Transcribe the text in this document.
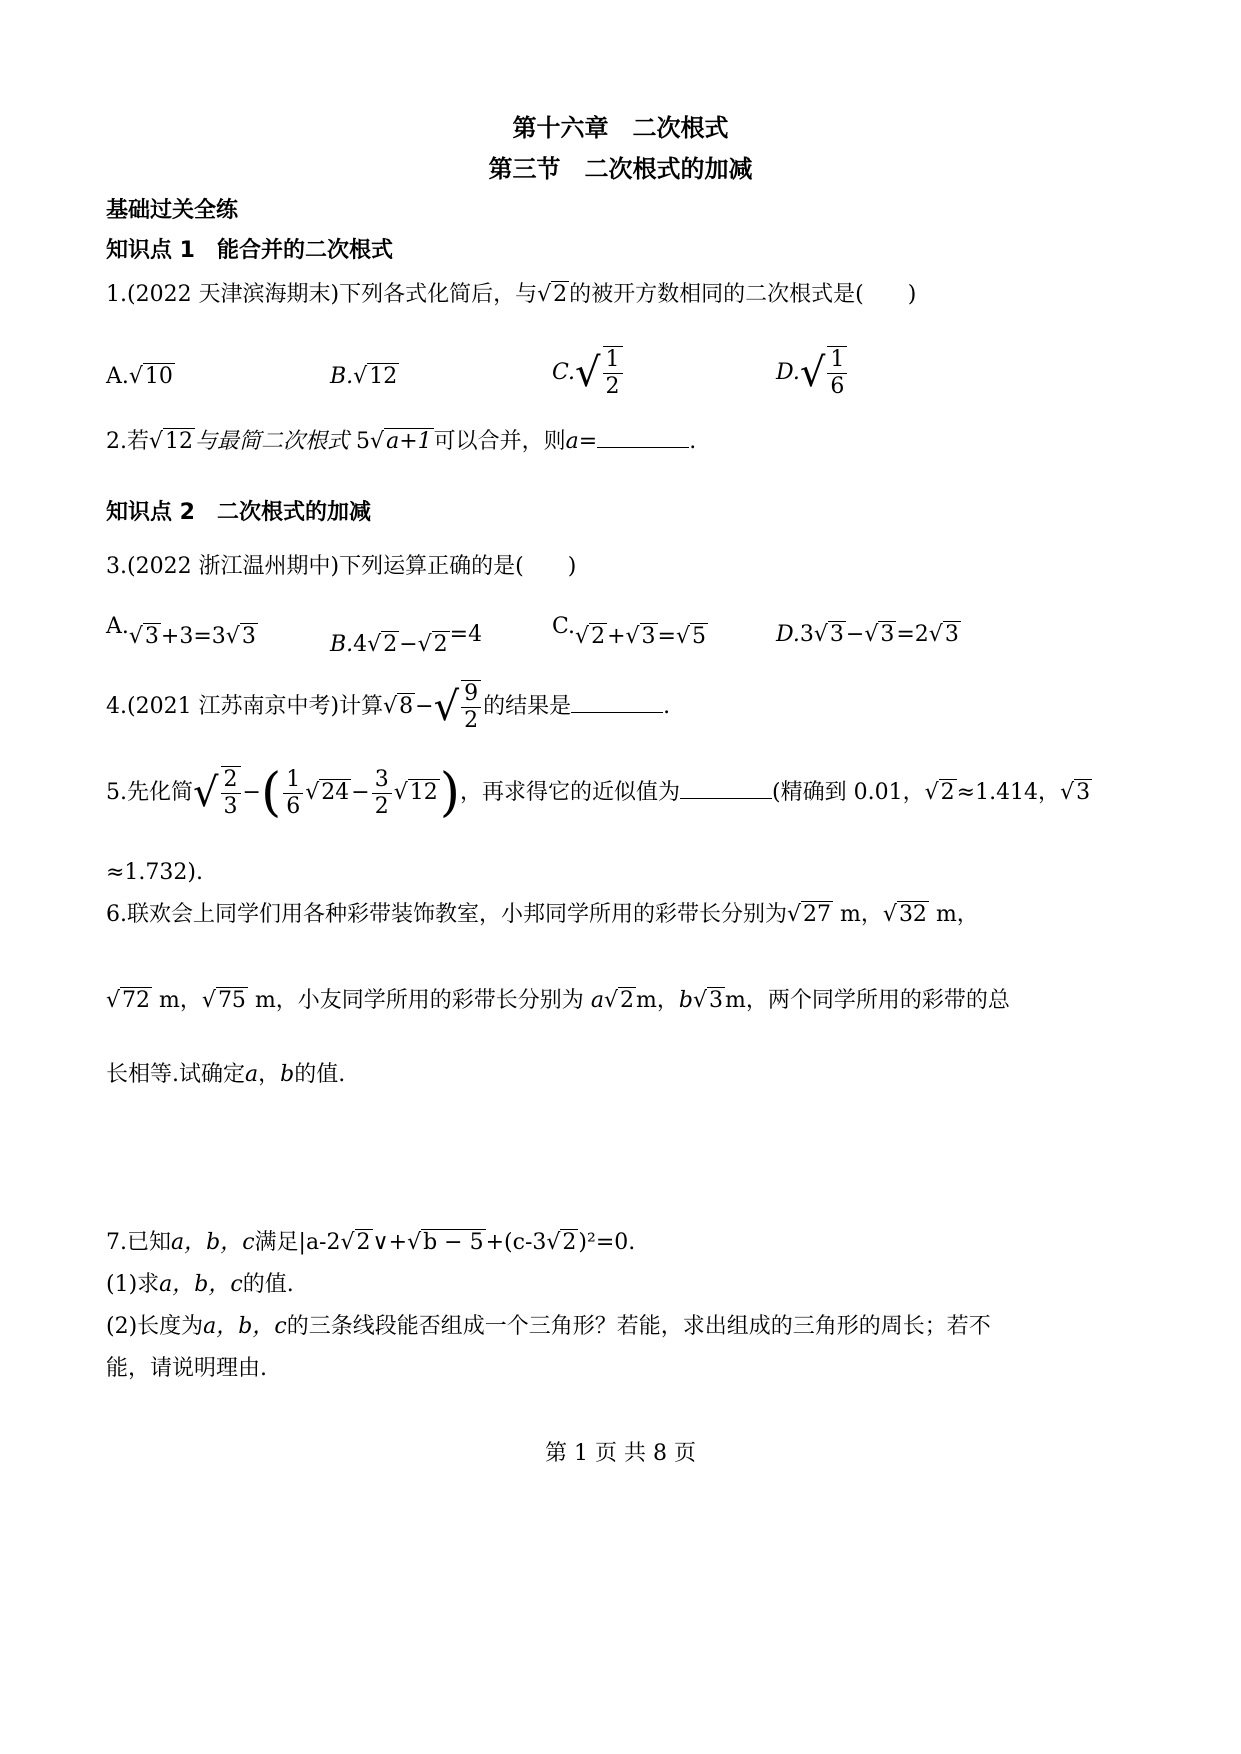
第十六章　二次根式
第三节　二次根式的加减
基础过关全练
知识点 1　能合并的二次根式
1.(2022 天津滨海期末)下列各式化简后，与√2的被开方数相同的二次根式是(　　)
A.√10	B.√12	$C.√ \frac{1}{2}$	$D.√ \frac{1}{6}$
2.若√12与最简二次根式 5√a+1可以合并，则a=	.
知识点 2　二次根式的加减
3.(2022 浙江温州期中)下列运算正确的是(　　)
A.√3+3=3√3	B.4√2−√2=4	C.√2+√3=√5	D.3√3−√3=2√3
4.(2021 江苏南京中考)计算$√8-√ \frac{9}{2}$ 的结果是	.
5.先化简√ $\frac{2}{3}$ −( $\frac{1}{6} √24- \frac{3}{2} √12$)，再求得它的近似值为	(精确到 0.01，√2≈1.414，√3
≈1.732).
6.联欢会上同学们用各种彩带装饰教室，小邦同学所用的彩带长分别为√27 m，√32 m，
√72 m，√75 m，小友同学所用的彩带长分别为 a√2m，b√3m，两个同学所用的彩带的总
长相等.试确定a，b的值.
7.已知a，b，c满足|a-2√2∨+√b − 5+(c-3√2)²=0.
(1)求a，b，c的值.
(2)长度为a，b，c的三条线段能否组成一个三角形？若能，求出组成的三角形的周长；若不
能，请说明理由.
第 1 页 共 8 页
